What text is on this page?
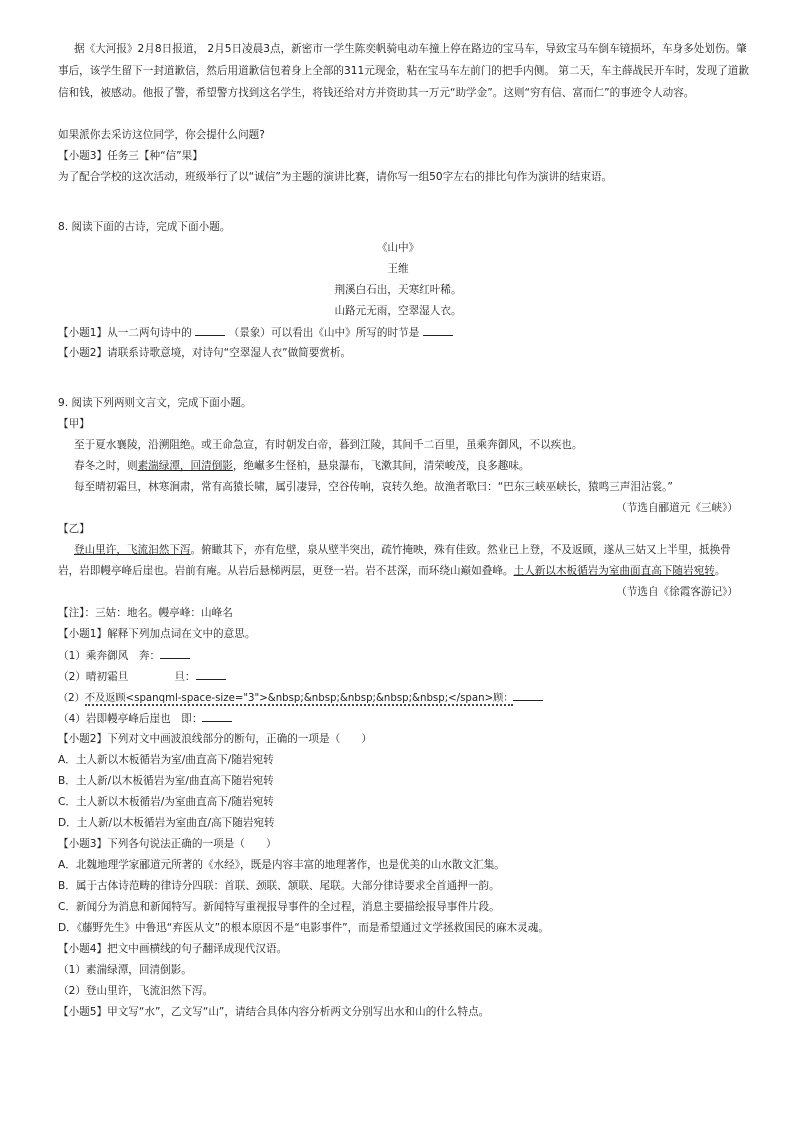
据《大河报》2月8日报道， 2月5日凌晨3点，新密市一学生陈奕帆骑电动车撞上停在路边的宝马车，导致宝马车倒车镜损坏，车身多处划伤。肇
事后，该学生留下一封道歉信，然后用道歉信包着身上全部的311元现金，粘在宝马车左前门的把手内侧。 第二天，车主薛战民开车时，发现了道歉
信和钱，被感动。他报了警，希望警方找到这名学生，将钱还给对方并资助其一万元“助学金”。这则“穷有信、富而仁”的事迹令人动容。
如果派你去采访这位同学，你会提什么问题?
【小题3】任务三【种“信”果】
为了配合学校的这次活动，班级举行了以“诚信”为主题的演讲比赛，请你写一组50字左右的排比句作为演讲的结束语。
8. 阅读下面的古诗，完成下面小题。
《山中》
王维
荆溪白石出，天寒红叶稀。
山路元无雨，空翠湿人衣。
【小题1】从一二两句诗中的	（景象）可以看出《山中》所写的时节是
【小题2】请联系诗歌意境，对诗句“空翠湿人衣”做简要赏析。
9. 阅读下列两则文言文，完成下面小题。
【甲】
至于夏水襄陵，沿溯阻绝。或王命急宣，有时朝发白帝，暮到江陵，其间千二百里，虽乘奔御风，不以疾也。
春冬之时，则素湍绿潭，回清倒影，绝𪩘多生怪柏，悬泉瀑布，飞漱其间，清荣峻茂，良多趣味。
每至晴初霜旦，林寒涧肃，常有高猿长啸，属引凄异，空谷传响，哀转久绝。故渔者歌曰：“巴东三峡巫峡长，猿鸣三声泪沾裳。”
（节选自郦道元《三峡》）
【乙】
登山里许，飞流汩然下泻。俯瞰其下，亦有危壁，泉从壁半突出，疏竹掩映，殊有佳致。然业已上登，不及返顾，遂从三姑又上半里，抵换骨
岩，岩即幔亭峰后崖也。岩前有庵。从岩后悬梯两层，更登一岩。岩不甚深，而环绕山巅如叠峰。土人新以木板循岩为室曲面直高下随岩宛转。
（节选自《徐霞客游记》）
【注】：三姑：地名。幔亭峰：山峰名
【小题1】解释下列加点词在文中的意思。
（1）乘奔御风　奔：
（2）晴初霜旦	旦：
（2）不及返顾<spanqml-space-size="3">&nbsp;&nbsp;&nbsp;&nbsp;&nbsp;</span>顾：
（4）岩即幔亭峰后崖也　即：
【小题2】下列对文中画波浪线部分的断句，正确的一项是（　　）
A．土人新以木板循岩为室/曲直高下/随岩宛转
B．土人新/以木板循岩为室/曲直高下随岩宛转
C．土人新以木板循岩/为室曲直高下/随岩宛转
D．土人新/以木板循岩为室曲直/高下随岩宛转
【小题3】下列各句说法正确的一项是（　　）
A．北魏地理学家郦道元所著的《水经》，既是内容丰富的地理著作，也是优美的山水散文汇集。
B．属于古体诗范畴的律诗分四联：首联、颈联、颔联、尾联。大部分律诗要求全首通押一韵。
C．新闻分为消息和新闻特写。新闻特写重视报导事件的全过程，消息主要描绘报导事件片段。
D．《藤野先生》中鲁迅“弃医从文”的根本原因不是“电影事件”，而是希望通过文学拯救国民的麻木灵魂。
【小题4】把文中画横线的句子翻译成现代汉语。
（1）素湍绿潭，回清倒影。
（2）登山里许，飞流汩然下泻。
【小题5】甲文写“水”，乙文写“山”，请结合具体内容分析两文分别写出水和山的什么特点。
